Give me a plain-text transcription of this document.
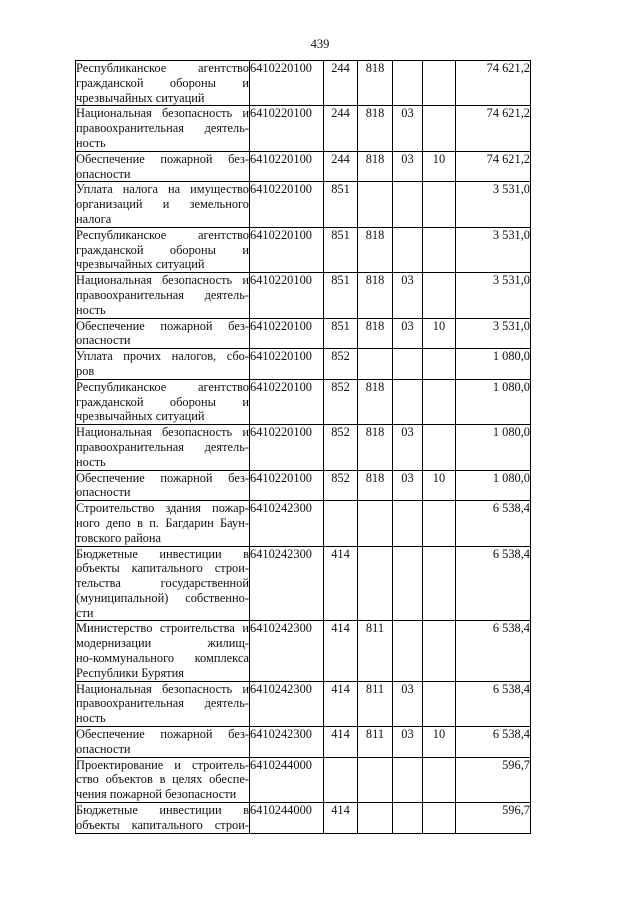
439
Республиканское агентство
гражданской обороны и
чрезвычайных ситуаций	6410220100	244	818			74 621,2

Национальная безопасность и
правоохранительная деятель-
ность	6410220100	244	818	03		74 621,2

Обеспечение пожарной без-
опасности	6410220100	244	818	03	10	74 621,2

Уплата налога на имущество
организаций и земельного
налога	6410220100	851				3 531,0

Республиканское агентство
гражданской обороны и
чрезвычайных ситуаций	6410220100	851	818			3 531,0

Национальная безопасность и
правоохранительная деятель-
ность	6410220100	851	818	03		3 531,0

Обеспечение пожарной без-
опасности	6410220100	851	818	03	10	3 531,0

Уплата прочих налогов, сбо-
ров	6410220100	852				1 080,0

Республиканское агентство
гражданской обороны и
чрезвычайных ситуаций	6410220100	852	818			1 080,0

Национальная безопасность и
правоохранительная деятель-
ность	6410220100	852	818	03		1 080,0

Обеспечение пожарной без-
опасности	6410220100	852	818	03	10	1 080,0

Строительство здания пожар-
ного депо в п. Багдарин Баун-
товского района	6410242300					6 538,4

Бюджетные инвестиции в
объекты капитального строи-
тельства государственной
(муниципальной) собственно-
сти	6410242300	414				6 538,4

Министерство строительства и
модернизации жилищ-
но-коммунального комплекса
Республики Бурятия	6410242300	414	811			6 538,4

Национальная безопасность и
правоохранительная деятель-
ность	6410242300	414	811	03		6 538,4

Обеспечение пожарной без-
опасности	6410242300	414	811	03	10	6 538,4

Проектирование и строитель-
ство объектов в целях обеспе-
чения пожарной безопасности	6410244000					596,7

Бюджетные инвестиции в
объекты капитального строи-	6410244000	414				596,7
